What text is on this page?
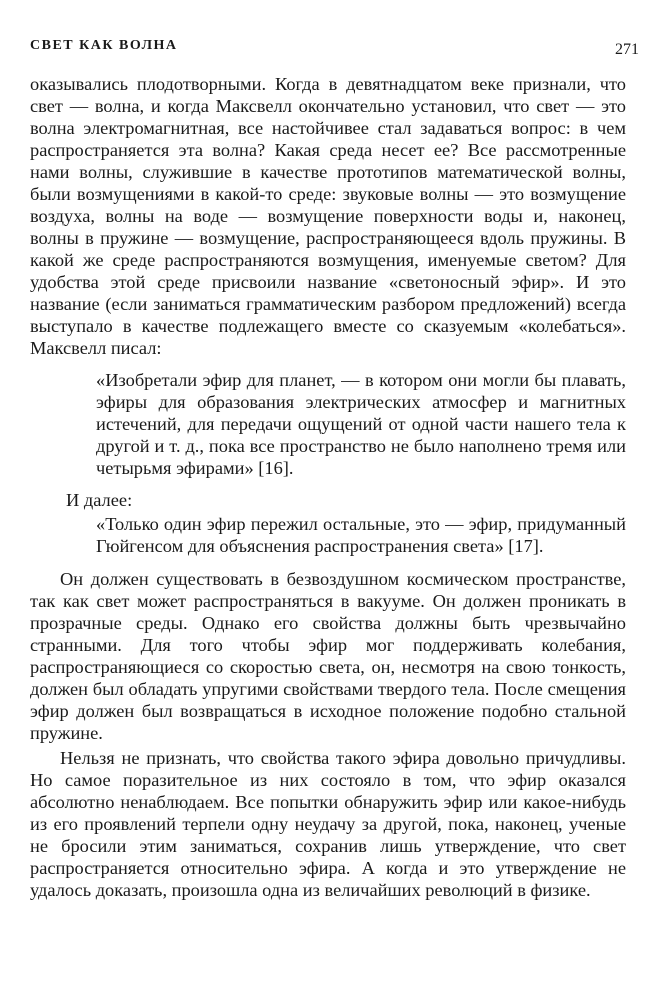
СВЕТ КАК ВОЛНА	271

оказывались плодотворными. Когда в девятнадцатом веке признали, что свет — волна, и когда Максвелл окончательно установил, что свет — это волна электромагнитная, все настойчивее стал задаваться вопрос: в чем распространяется эта волна? Какая среда несет ее? Все рассмотренные нами волны, служившие в качестве прототипов математической волны, были возмущениями в какой-то среде: звуковые волны — это возмущение воздуха, волны на воде — возмущение поверхности воды и, наконец, волны в пружине — возмущение, распространяющееся вдоль пружины. В какой же среде распространяются возмущения, именуемые светом? Для удобства этой среде присвоили название «светоносный эфир». И это название (если заниматься грамматическим разбором предложений) всегда выступало в качестве подлежащего вместе со сказуемым «колебаться». Максвелл писал:

«Изобретали эфир для планет, — в котором они могли бы плавать, эфиры для образования электрических атмосфер и магнитных истечений, для передачи ощущений от одной части нашего тела к другой и т. д., пока все пространство не было наполнено тремя или четырьмя эфирами» [16].

И далее:

«Только один эфир пережил остальные, это — эфир, придуманный Гюйгенсом для объяснения распространения света» [17].

Он должен существовать в безвоздушном космическом пространстве, так как свет может распространяться в вакууме. Он должен проникать в прозрачные среды. Однако его свойства должны быть чрезвычайно странными. Для того чтобы эфир мог поддерживать колебания, распространяющиеся со скоростью света, он, несмотря на свою тонкость, должен был обладать упругими свойствами твердого тела. После смещения эфир должен был возвращаться в исходное положение подобно стальной пружине.

Нельзя не признать, что свойства такого эфира довольно причудливы. Но самое поразительное из них состояло в том, что эфир оказался абсолютно ненаблюдаем. Все попытки обнаружить эфир или какое-нибудь из его проявлений терпели одну неудачу за другой, пока, наконец, ученые не бросили этим заниматься, сохранив лишь утверждение, что свет распространяется относительно эфира. А когда и это утверждение не удалось доказать, произошла одна из величайших революций в физике.
